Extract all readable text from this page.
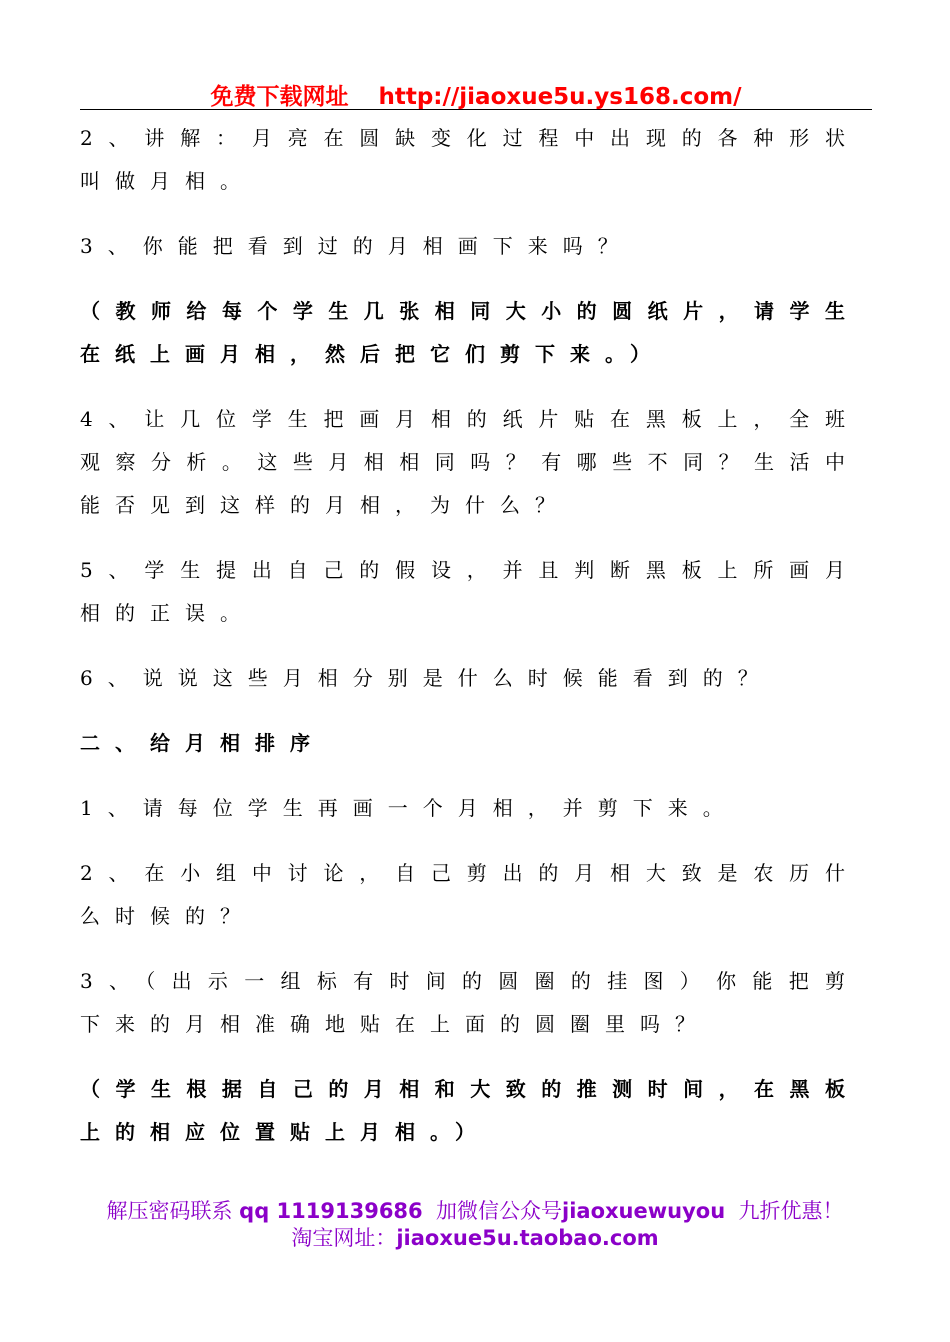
免费下载网址 http://jiaoxue5u.ys168.com/

2、讲解：月亮在圆缺变化过程中出现的各种形状叫做月相。

3、你能把看到过的月相画下来吗？

（教师给每个学生几张相同大小的圆纸片，请学生在纸上画月相，然后把它们剪下来。）

4、让几位学生把画月相的纸片贴在黑板上，全班观察分析。这些月相相同吗？有哪些不同？生活中能否见到这样的月相，为什么？

5、学生提出自己的假设，并且判断黑板上所画月相的正误。

6、说说这些月相分别是什么时候能看到的？

二、给月相排序

1、请每位学生再画一个月相，并剪下来。

2、在小组中讨论，自己剪出的月相大致是农历什么时候的？

3、（出示一组标有时间的圆圈的挂图）你能把剪下来的月相准确地贴在上面的圆圈里吗？

（学生根据自己的月相和大致的推测时间，在黑板上的相应位置贴上月相。）

解压密码联系 qq 1119139686 加微信公众号jiaoxuewuyou 九折优惠！
淘宝网址：jiaoxue5u.taobao.com
